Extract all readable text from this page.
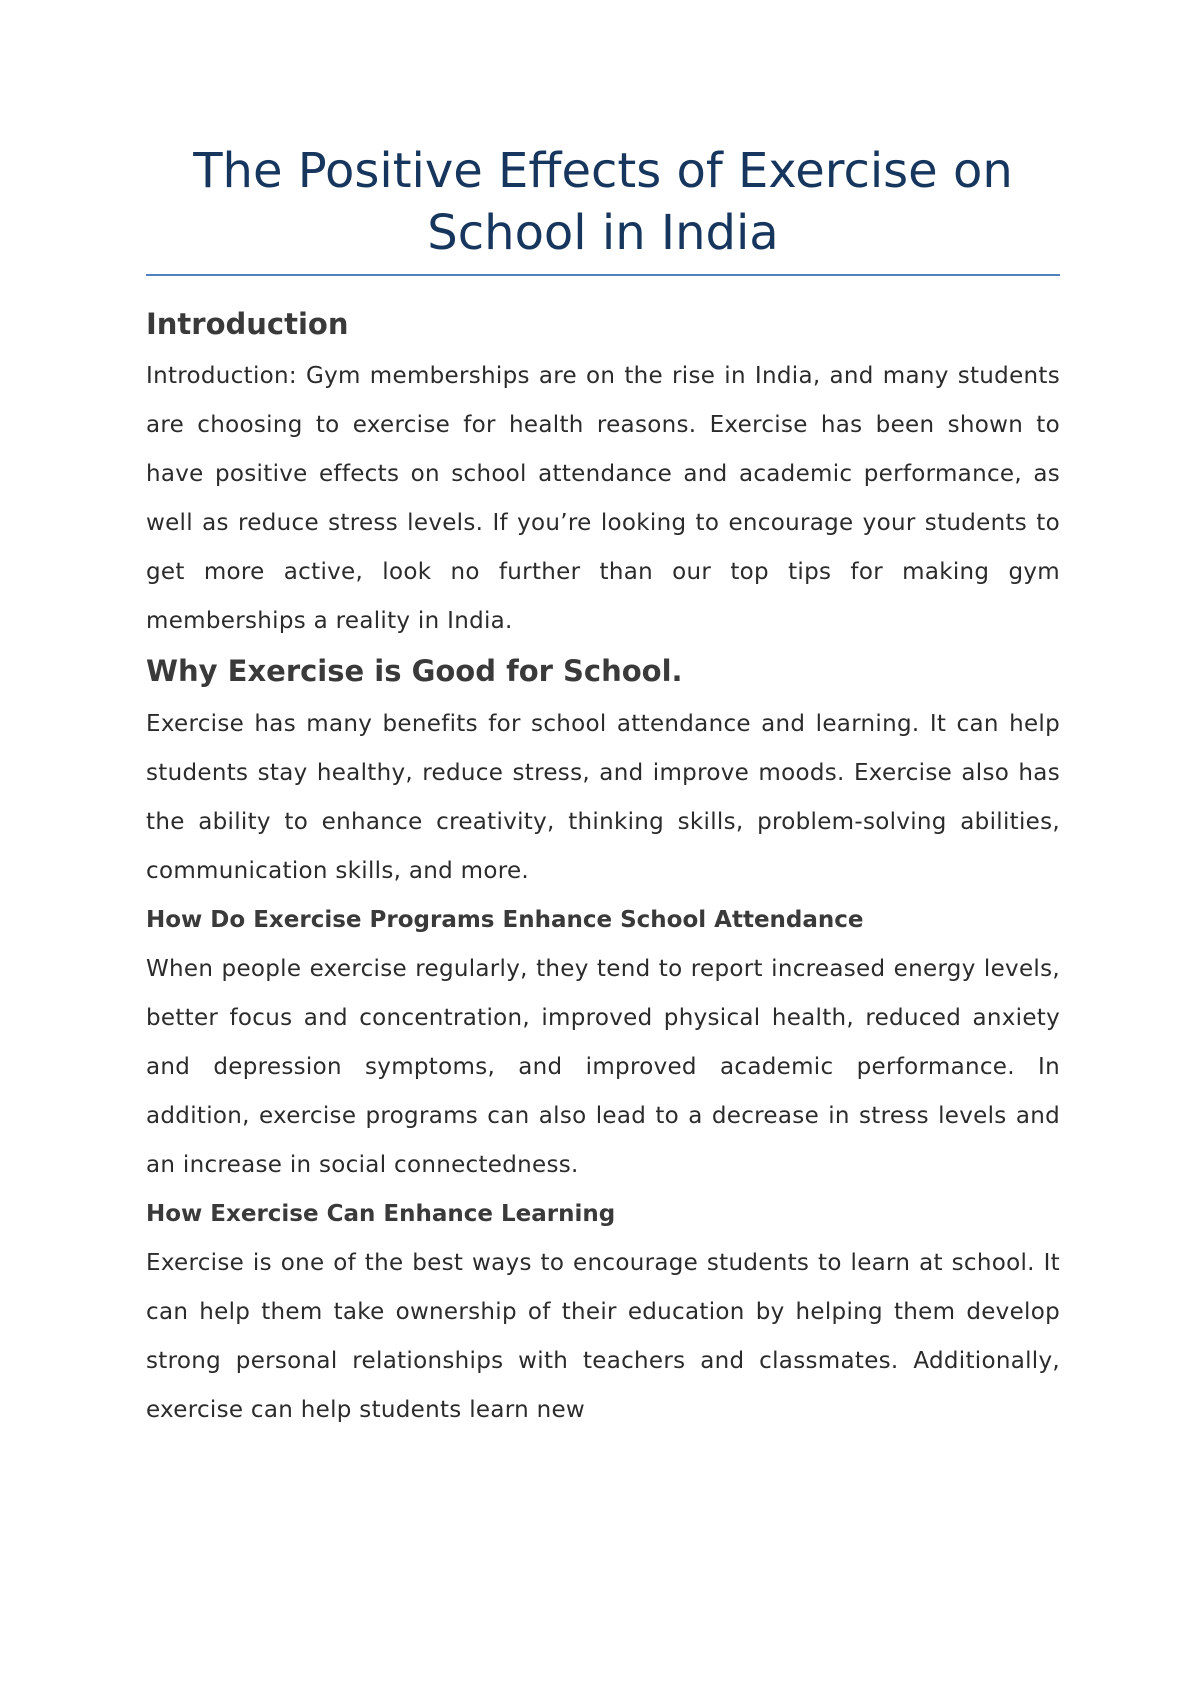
The Positive Effects of Exercise on School in India
Introduction

Introduction: Gym memberships are on the rise in India, and many students are choosing to exercise for health reasons. Exercise has been shown to have positive effects on school attendance and academic performance, as well as reduce stress levels. If you’re looking to encourage your students to get more active, look no further than our top tips for making gym memberships a reality in India.

Why Exercise is Good for School.

Exercise has many benefits for school attendance and learning. It can help students stay healthy, reduce stress, and improve moods. Exercise also has the ability to enhance creativity, thinking skills, problem-solving abilities, communication skills, and more.

How Do Exercise Programs Enhance School Attendance

When people exercise regularly, they tend to report increased energy levels, better focus and concentration, improved physical health, reduced anxiety and depression symptoms, and improved academic performance. In addition, exercise programs can also lead to a decrease in stress levels and an increase in social connectedness.

How Exercise Can Enhance Learning

Exercise is one of the best ways to encourage students to learn at school. It can help them take ownership of their education by helping them develop strong personal relationships with teachers and classmates. Additionally, exercise can help students learn new
